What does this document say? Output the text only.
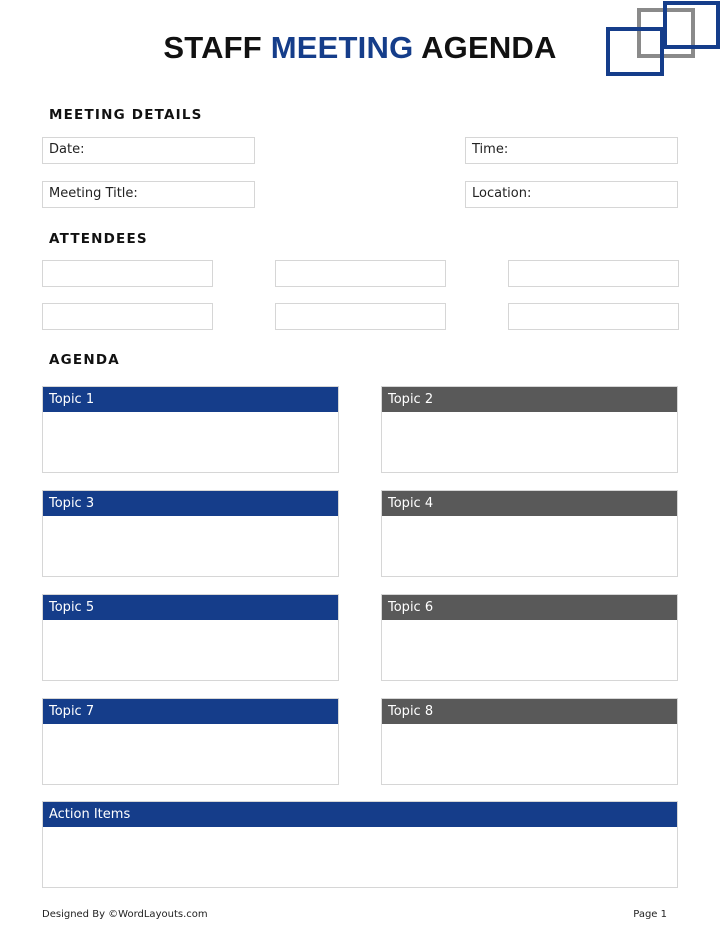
STAFF MEETING AGENDA
MEETING DETAILS
Date:	Time:
Meeting Title:	Location:
ATTENDEES
AGENDA
Topic 1	Topic 2
Topic 3	Topic 4
Topic 5	Topic 6
Topic 7	Topic 8
Action Items
Designed By ©WordLayouts.com	Page 1
